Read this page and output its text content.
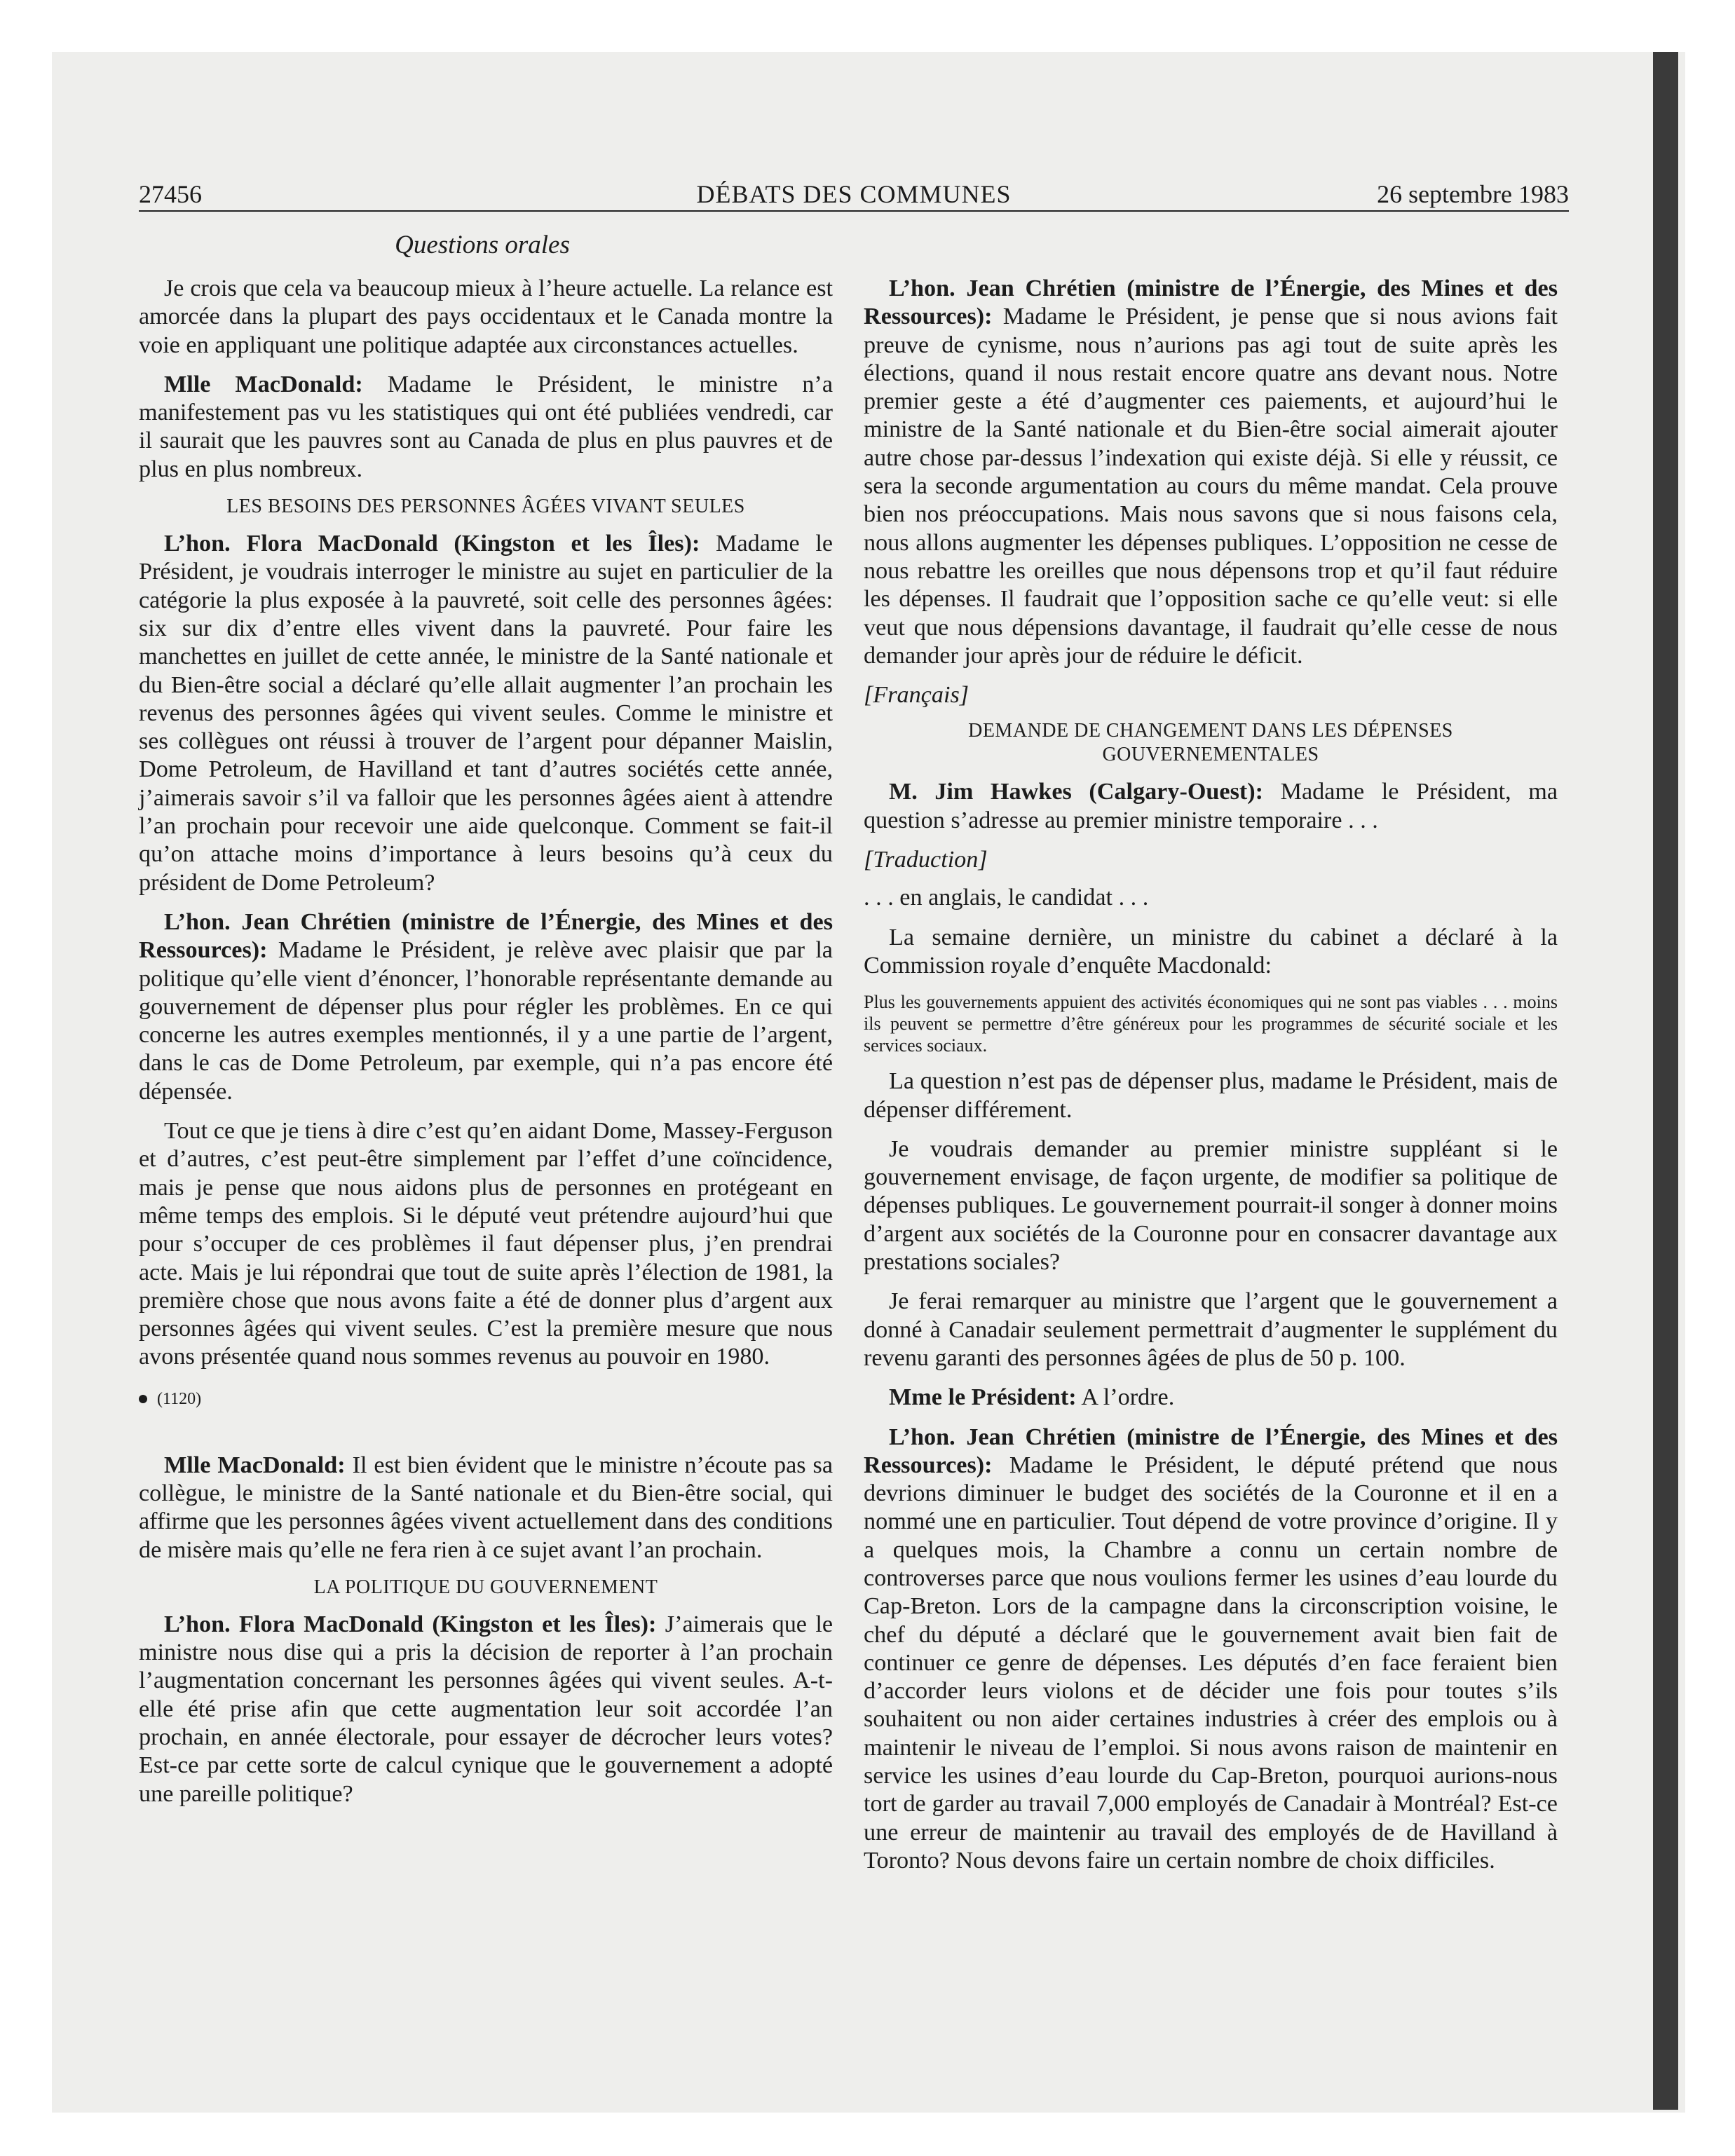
27456	DÉBATS DES COMMUNES	26 septembre 1983
Questions orales

Je crois que cela va beaucoup mieux à l’heure actuelle. La relance est amorcée dans la plupart des pays occidentaux et le Canada montre la voie en appliquant une politique adaptée aux circonstances actuelles.

Mlle MacDonald: Madame le Président, le ministre n’a manifestement pas vu les statistiques qui ont été publiées vendredi, car il saurait que les pauvres sont au Canada de plus en plus pauvres et de plus en plus nombreux.

LES BESOINS DES PERSONNES ÂGÉES VIVANT SEULES

L’hon. Flora MacDonald (Kingston et les Îles): Madame le Président, je voudrais interroger le ministre au sujet en particulier de la catégorie la plus exposée à la pauvreté, soit celle des personnes âgées: six sur dix d’entre elles vivent dans la pauvreté. Pour faire les manchettes en juillet de cette année, le ministre de la Santé nationale et du Bien-être social a déclaré qu’elle allait augmenter l’an prochain les revenus des personnes âgées qui vivent seules. Comme le ministre et ses collègues ont réussi à trouver de l’argent pour dépanner Maislin, Dome Petroleum, de Havilland et tant d’autres sociétés cette année, j’aimerais savoir s’il va falloir que les personnes âgées aient à attendre l’an prochain pour recevoir une aide quelconque. Comment se fait-il qu’on attache moins d’importance à leurs besoins qu’à ceux du président de Dome Petroleum?

L’hon. Jean Chrétien (ministre de l’Énergie, des Mines et des Ressources): Madame le Président, je relève avec plaisir que par la politique qu’elle vient d’énoncer, l’honorable représentante demande au gouvernement de dépenser plus pour régler les problèmes. En ce qui concerne les autres exemples mentionnés, il y a une partie de l’argent, dans le cas de Dome Petroleum, par exemple, qui n’a pas encore été dépensée.

Tout ce que je tiens à dire c’est qu’en aidant Dome, Massey-Ferguson et d’autres, c’est peut-être simplement par l’effet d’une coïncidence, mais je pense que nous aidons plus de personnes en protégeant en même temps des emplois. Si le député veut prétendre aujourd’hui que pour s’occuper de ces problèmes il faut dépenser plus, j’en prendrai acte. Mais je lui répondrai que tout de suite après l’élection de 1981, la première chose que nous avons faite a été de donner plus d’argent aux personnes âgées qui vivent seules. C’est la première mesure que nous avons présentée quand nous sommes revenus au pouvoir en 1980.

(1120)

Mlle MacDonald: Il est bien évident que le ministre n’écoute pas sa collègue, le ministre de la Santé nationale et du Bien-être social, qui affirme que les personnes âgées vivent actuellement dans des conditions de misère mais qu’elle ne fera rien à ce sujet avant l’an prochain.

LA POLITIQUE DU GOUVERNEMENT

L’hon. Flora MacDonald (Kingston et les Îles): J’aimerais que le ministre nous dise qui a pris la décision de reporter à l’an prochain l’augmentation concernant les personnes âgées qui vivent seules. A-t-elle été prise afin que cette augmentation leur soit accordée l’an prochain, en année électorale, pour essayer de décrocher leurs votes? Est-ce par cette sorte de calcul cynique que le gouvernement a adopté une pareille politique?

L’hon. Jean Chrétien (ministre de l’Énergie, des Mines et des Ressources): Madame le Président, je pense que si nous avions fait preuve de cynisme, nous n’aurions pas agi tout de suite après les élections, quand il nous restait encore quatre ans devant nous. Notre premier geste a été d’augmenter ces paiements, et aujourd’hui le ministre de la Santé nationale et du Bien-être social aimerait ajouter autre chose par-dessus l’indexation qui existe déjà. Si elle y réussit, ce sera la seconde argumentation au cours du même mandat. Cela prouve bien nos préoccupations. Mais nous savons que si nous faisons cela, nous allons augmenter les dépenses publiques. L’opposition ne cesse de nous rebattre les oreilles que nous dépensons trop et qu’il faut réduire les dépenses. Il faudrait que l’opposition sache ce qu’elle veut: si elle veut que nous dépensions davantage, il faudrait qu’elle cesse de nous demander jour après jour de réduire le déficit.

[Français]

DEMANDE DE CHANGEMENT DANS LES DÉPENSES GOUVERNEMENTALES

M. Jim Hawkes (Calgary-Ouest): Madame le Président, ma question s’adresse au premier ministre temporaire . . .

[Traduction]

. . . en anglais, le candidat . . .

La semaine dernière, un ministre du cabinet a déclaré à la Commission royale d’enquête Macdonald:

Plus les gouvernements appuient des activités économiques qui ne sont pas viables . . . moins ils peuvent se permettre d’être généreux pour les programmes de sécurité sociale et les services sociaux.

La question n’est pas de dépenser plus, madame le Président, mais de dépenser différement.

Je voudrais demander au premier ministre suppléant si le gouvernement envisage, de façon urgente, de modifier sa politique de dépenses publiques. Le gouvernement pourrait-il songer à donner moins d’argent aux sociétés de la Couronne pour en consacrer davantage aux prestations sociales?

Je ferai remarquer au ministre que l’argent que le gouvernement a donné à Canadair seulement permettrait d’augmenter le supplément du revenu garanti des personnes âgées de plus de 50 p. 100.

Mme le Président: A l’ordre.

L’hon. Jean Chrétien (ministre de l’Énergie, des Mines et des Ressources): Madame le Président, le député prétend que nous devrions diminuer le budget des sociétés de la Couronne et il en a nommé une en particulier. Tout dépend de votre province d’origine. Il y a quelques mois, la Chambre a connu un certain nombre de controverses parce que nous voulions fermer les usines d’eau lourde du Cap-Breton. Lors de la campagne dans la circonscription voisine, le chef du député a déclaré que le gouvernement avait bien fait de continuer ce genre de dépenses. Les députés d’en face feraient bien d’accorder leurs violons et de décider une fois pour toutes s’ils souhaitent ou non aider certaines industries à créer des emplois ou à maintenir le niveau de l’emploi. Si nous avons raison de maintenir en service les usines d’eau lourde du Cap-Breton, pourquoi aurions-nous tort de garder au travail 7,000 employés de Canadair à Montréal? Est-ce une erreur de maintenir au travail des employés de de Havilland à Toronto? Nous devons faire un certain nombre de choix difficiles.
